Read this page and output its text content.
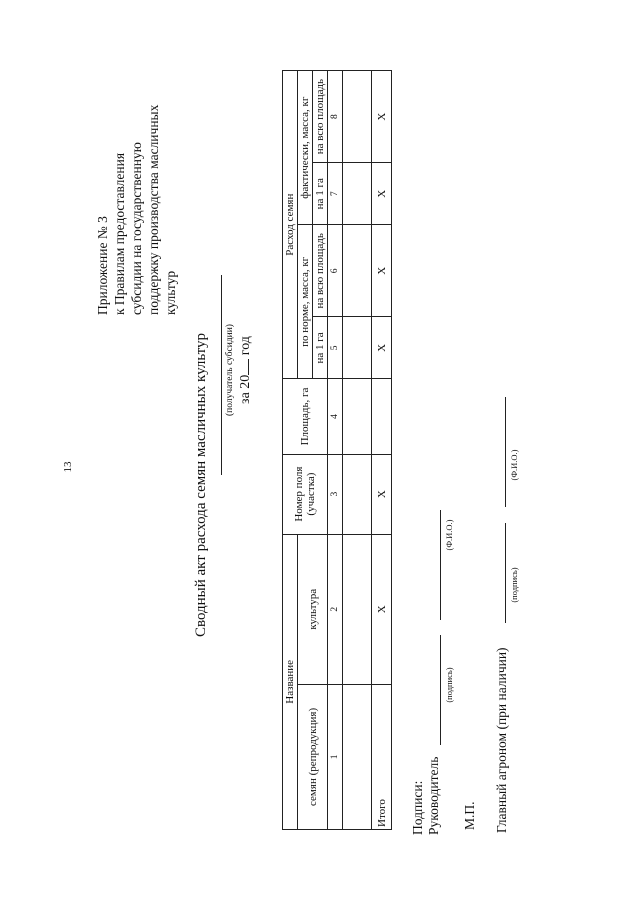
13
Приложение № 3 к Правилам предоставления субсидии на государственную поддержку производства масличных культур
Сводный акт расхода семян масличных культур (получатель субсидии) за 20 год
Название		Номер поля (участка)	Площадь, га	Расход семян			
семян (репродукция)	культура			по норме, масса, кг		фактически, масса, кг	
				на 1 га	на всю площадь	на 1 га	на всю площадь
1	2	3	4	5	6	7	8

Итого	X	X		X	X	X	X
Подписи: Руководитель
(подпись)
(Ф.И.О.)
М.П. Главный агроном (при наличии)
(подпись)
(Ф.И.О.)
